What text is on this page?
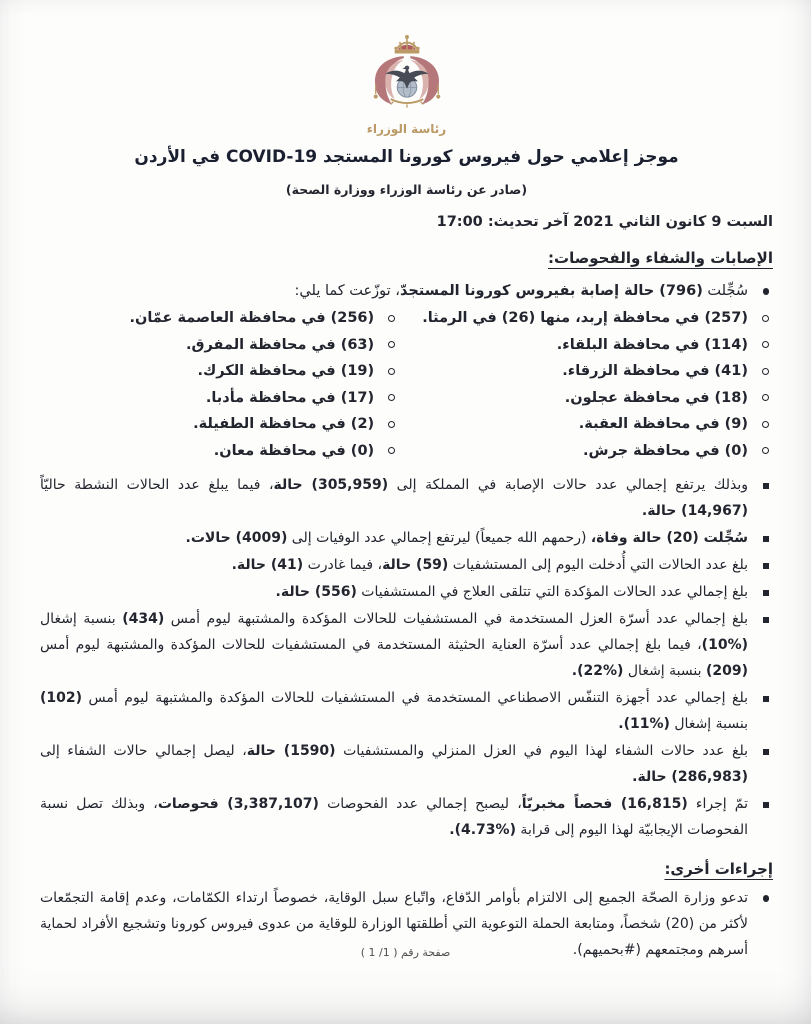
رئاسة الوزراء
موجز إعلامي حول فيروس كورونا المستجد COVID-19 في الأردن
(صادر عن رئاسة الوزراء ووزارة الصحة)
السبت 9 كانون الثاني 2021 آخر تحديث: 17:00
الإصابات والشفاء والفحوصات:
سُجِّلت (796) حالة إصابة بفيروس كورونا المستجدّ، توزّعت كما يلي:
(257) في محافظة إربد، منها (26) في الرمثا.
(114) في محافظة البلقاء.
(41) في محافظة الزرقاء.
(18) في محافظة عجلون.
(9) في محافظة العقبة.
(0) في محافظة جرش.
(256) في محافظة العاصمة عمّان.
(63) في محافظة المفرق.
(19) في محافظة الكرك.
(17) في محافظة مأدبا.
(2) في محافظة الطفيلة.
(0) في محافظة معان.
وبذلك يرتفع إجمالي عدد حالات الإصابة في المملكة إلى (305,959) حالة، فيما يبلغ عدد الحالات النشطة حاليّاً (14,967) حالة.
سُجِّلت (20) حالة وفاة، (رحمهم الله جميعاً) ليرتفع إجمالي عدد الوفيات إلى (4009) حالات.
بلغ عدد الحالات التي أُدخلت اليوم إلى المستشفيات (59) حالة، فيما غادرت (41) حالة.
بلغ إجمالي عدد الحالات المؤكدة التي تتلقى العلاج في المستشفيات (556) حالة.
بلغ إجمالي عدد أسرّة العزل المستخدمة في المستشفيات للحالات المؤكدة والمشتبهة ليوم أمس (434) بنسبة إشغال (%10)، فيما بلغ إجمالي عدد أسرّة العناية الحثيثة المستخدمة في المستشفيات للحالات المؤكدة والمشتبهة ليوم أمس (209) بنسبة إشغال (%22).
بلغ إجمالي عدد أجهزة التنفّس الاصطناعي المستخدمة في المستشفيات للحالات المؤكدة والمشتبهة ليوم أمس (102) بنسبة إشغال (%11).
بلغ عدد حالات الشفاء لهذا اليوم في العزل المنزلي والمستشفيات (1590) حالة، ليصل إجمالي حالات الشفاء إلى (286,983) حالة.
تمّ إجراء (16,815) فحصاً مخبريّاً، ليصبح إجمالي عدد الفحوصات (3,387,107) فحوصات، وبذلك تصل نسبة الفحوصات الإيجابيّة لهذا اليوم إلى قرابة (%4.73).
إجراءات أخرى:
تدعو وزارة الصحّة الجميع إلى الالتزام بأوامر الدّفاع، واتّباع سبل الوقاية، خصوصاً ارتداء الكمّامات، وعدم إقامة التجمّعات لأكثر من (20) شخصاً، ومتابعة الحملة التوعوية التي أطلقتها الوزارة للوقاية من عدوى فيروس كورونا وتشجيع الأفراد لحماية أسرهم ومجتمعهم (#بحميهم).
صفحة رقم ( 1/ 1 )
